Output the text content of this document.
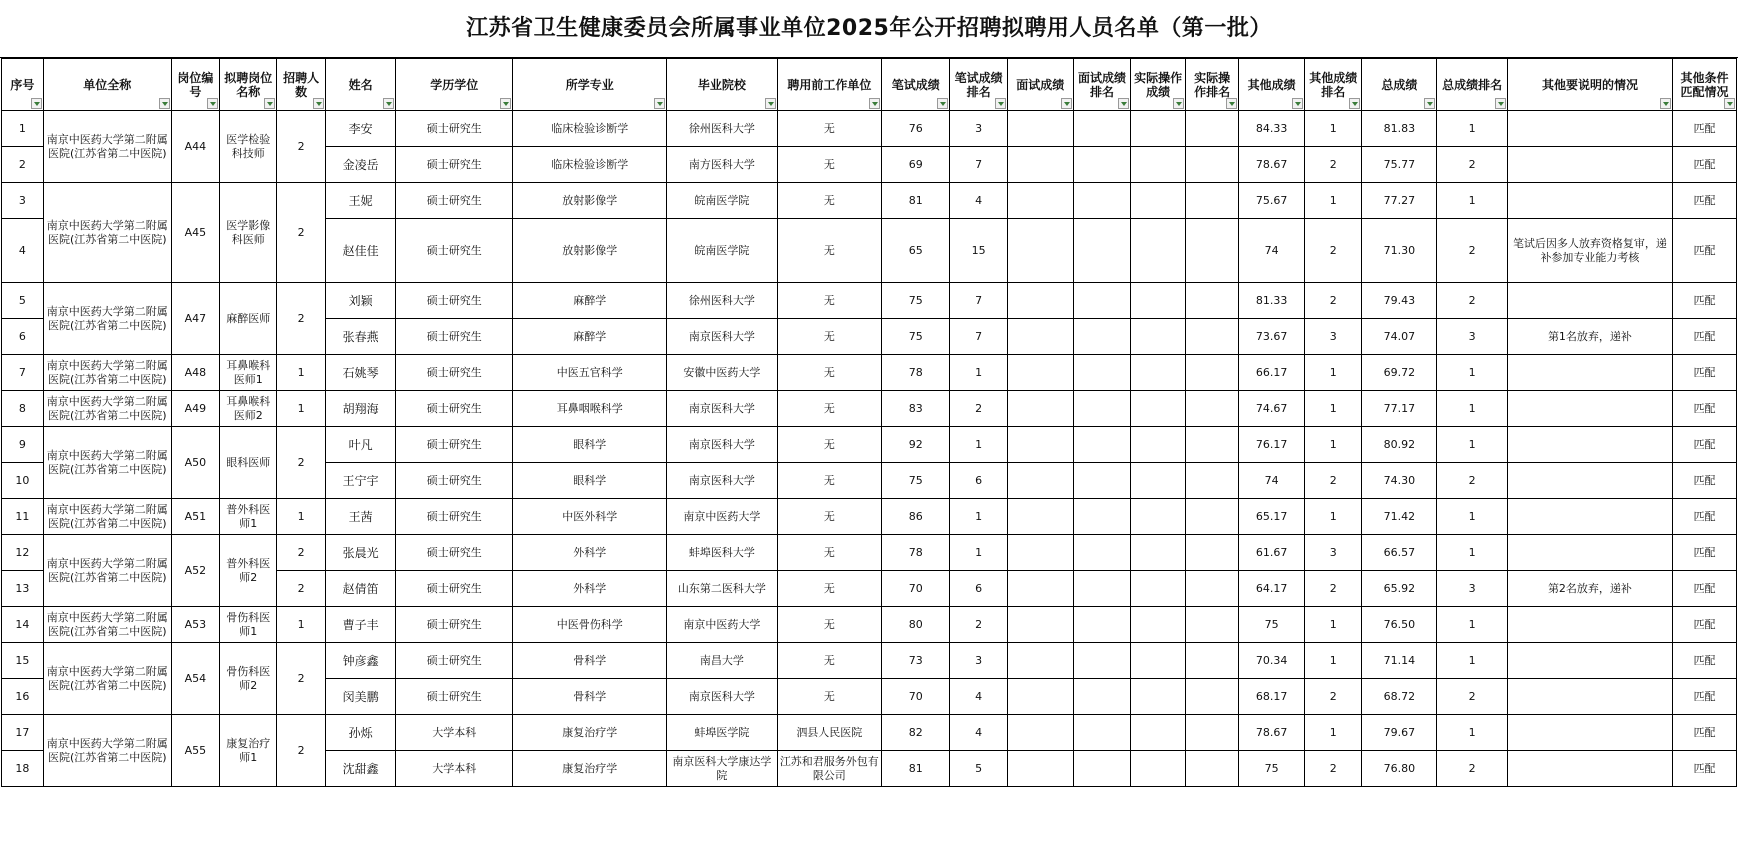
江苏省卫生健康委员会所属事业单位2025年公开招聘拟聘用人员名单（第一批）
序号	单位全称	岗位编号	拟聘岗位名称	招聘人数	姓名	学历学位	所学专业	毕业院校	聘用前工作单位	笔试成绩	笔试成绩排名	面试成绩	面试成绩排名	实际操作成绩	实际操作排名	其他成绩	其他成绩排名	总成绩	总成绩排名	其他要说明的情况	其他条件匹配情况

1	南京中医药大学第二附属医院(江苏省第二中医院)	A44	医学检验科技师	2	李安	硕士研究生	临床检验诊断学	徐州医科大学	无	76	3					84.33	1	81.83	1		匹配
2					金凌岳	硕士研究生	临床检验诊断学	南方医科大学	无	69	7					78.67	2	75.77	2		匹配
3	南京中医药大学第二附属医院(江苏省第二中医院)	A45	医学影像科医师	2	王妮	硕士研究生	放射影像学	皖南医学院	无	81	4					75.67	1	77.27	1		匹配
4					赵佳佳	硕士研究生	放射影像学	皖南医学院	无	65	15					74	2	71.30	2	笔试后因多人放弃资格复审，递补参加专业能力考核	匹配
5	南京中医药大学第二附属医院(江苏省第二中医院)	A47	麻醉医师	2	刘颖	硕士研究生	麻醉学	徐州医科大学	无	75	7					81.33	2	79.43	2		匹配
6					张春燕	硕士研究生	麻醉学	南京医科大学	无	75	7					73.67	3	74.07	3	第1名放弃，递补	匹配
7	南京中医药大学第二附属医院(江苏省第二中医院)	A48	耳鼻喉科医师1	1	石姚琴	硕士研究生	中医五官科学	安徽中医药大学	无	78	1					66.17	1	69.72	1		匹配
8	南京中医药大学第二附属医院(江苏省第二中医院)	A49	耳鼻喉科医师2	1	胡翔海	硕士研究生	耳鼻咽喉科学	南京医科大学	无	83	2					74.67	1	77.17	1		匹配
9	南京中医药大学第二附属医院(江苏省第二中医院)	A50	眼科医师	2	叶凡	硕士研究生	眼科学	南京医科大学	无	92	1					76.17	1	80.92	1		匹配
10					王宁宇	硕士研究生	眼科学	南京医科大学	无	75	6					74	2	74.30	2		匹配
11	南京中医药大学第二附属医院(江苏省第二中医院)	A51	普外科医师1	1	王茜	硕士研究生	中医外科学	南京中医药大学	无	86	1					65.17	1	71.42	1		匹配
12	南京中医药大学第二附属医院(江苏省第二中医院)	A52	普外科医师2	2	张晨光	硕士研究生	外科学	蚌埠医科大学	无	78	1					61.67	3	66.57	1		匹配
13				2	赵倩笛	硕士研究生	外科学	山东第二医科大学	无	70	6					64.17	2	65.92	3	第2名放弃，递补	匹配
14	南京中医药大学第二附属医院(江苏省第二中医院)	A53	骨伤科医师1	1	曹子丰	硕士研究生	中医骨伤科学	南京中医药大学	无	80	2					75	1	76.50	1		匹配
15	南京中医药大学第二附属医院(江苏省第二中医院)	A54	骨伤科医师2	2	钟彦鑫	硕士研究生	骨科学	南昌大学	无	73	3					70.34	1	71.14	1		匹配
16					闵美鹏	硕士研究生	骨科学	南京医科大学	无	70	4					68.17	2	68.72	2		匹配
17	南京中医药大学第二附属医院(江苏省第二中医院)	A55	康复治疗师1	2	孙烁	大学本科	康复治疗学	蚌埠医学院	泗县人民医院	82	4					78.67	1	79.67	1		匹配
18					沈甜鑫	大学本科	康复治疗学	南京医科大学康达学院	江苏和君服务外包有限公司	81	5					75	2	76.80	2		匹配
